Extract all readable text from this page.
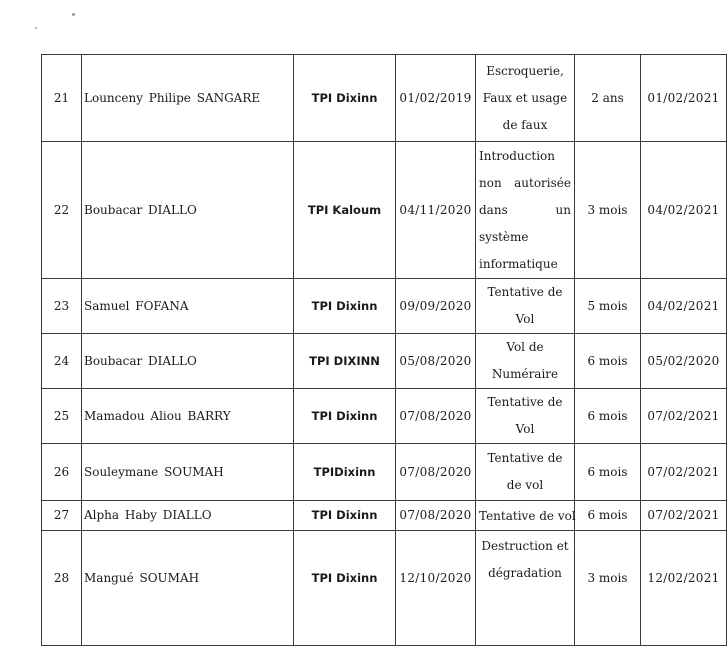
21	Lounceny Philipe SANGARE	TPI Dixinn	01/02/2019	Escroquerie, Faux et usage de faux	2 ans	01/02/2021
22	Boubacar DIALLO	TPI Kaloum	04/11/2020	Introduction non autorisée dans un système informatique	3 mois	04/02/2021
23	Samuel FOFANA	TPI Dixinn	09/09/2020	Tentative de Vol	5 mois	04/02/2021
24	Boubacar DIALLO	TPI DIXINN	05/08/2020	Vol de Numéraire	6 mois	05/02/2020
25	Mamadou Aliou BARRY	TPI Dixinn	07/08/2020	Tentative de Vol	6 mois	07/02/2021
26	Souleymane SOUMAH	TPIDixinn	07/08/2020	Tentative de de vol	6 mois	07/02/2021
27	Alpha Haby DIALLO	TPI Dixinn	07/08/2020	Tentative de vol	6 mois	07/02/2021
28	Mangué SOUMAH	TPI Dixinn	12/10/2020	Destruction et dégradation	3 mois	12/02/2021
